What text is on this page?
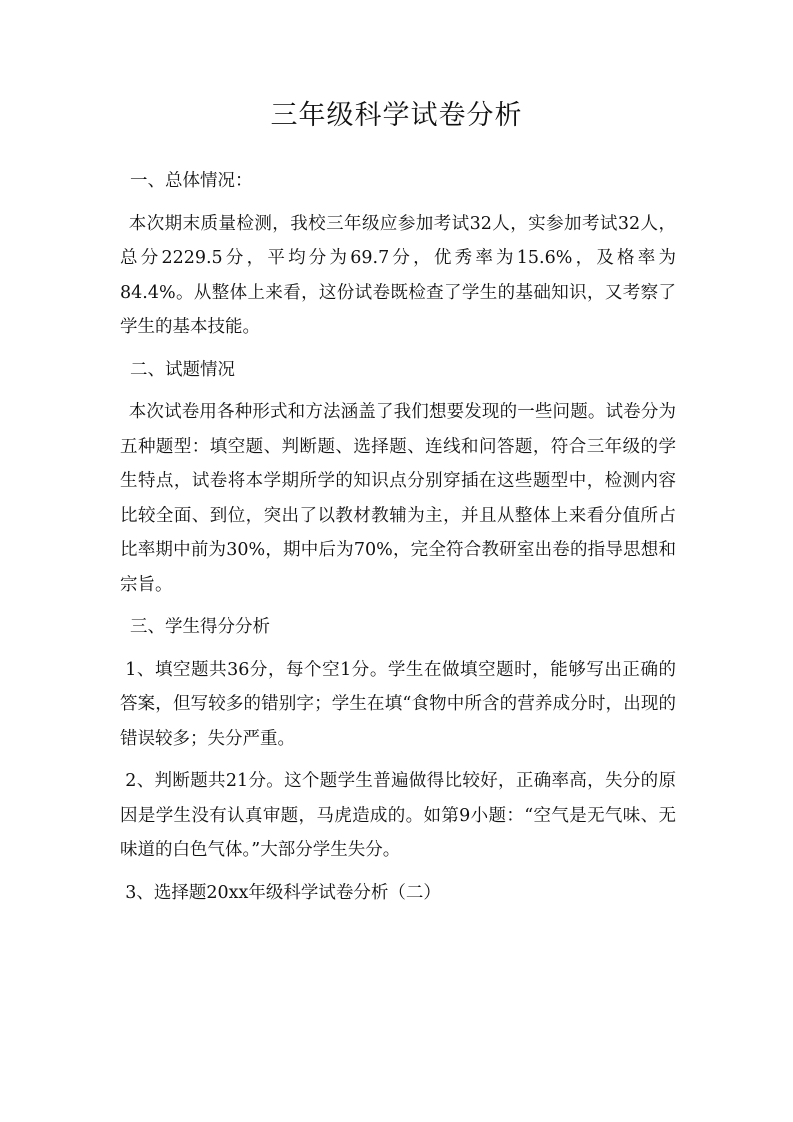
三年级科学试卷分析
一、总体情况：
本次期末质量检测，我校三年级应参加考试32人，实参加考试32人，总分2229.5分，平均分为69.7分，优秀率为15.6%，及格率为84.4%。从整体上来看，这份试卷既检查了学生的基础知识，又考察了学生的基本技能。
二、试题情况
本次试卷用各种形式和方法涵盖了我们想要发现的一些问题。试卷分为五种题型：填空题、判断题、选择题、连线和问答题，符合三年级的学生特点，试卷将本学期所学的知识点分别穿插在这些题型中，检测内容比较全面、到位，突出了以教材教辅为主，并且从整体上来看分值所占比率期中前为30%，期中后为70%，完全符合教研室出卷的指导思想和宗旨。
三、学生得分分析
1、填空题共36分，每个空1分。学生在做填空题时，能够写出正确的答案，但写较多的错别字；学生在填“食物中所含的营养成分时，出现的错误较多；失分严重。
2、判断题共21分。这个题学生普遍做得比较好，正确率高，失分的原因是学生没有认真审题，马虎造成的。如第9小题：“空气是无气味、无味道的白色气体。”大部分学生失分。
3、选择题20xx年级科学试卷分析（二）
